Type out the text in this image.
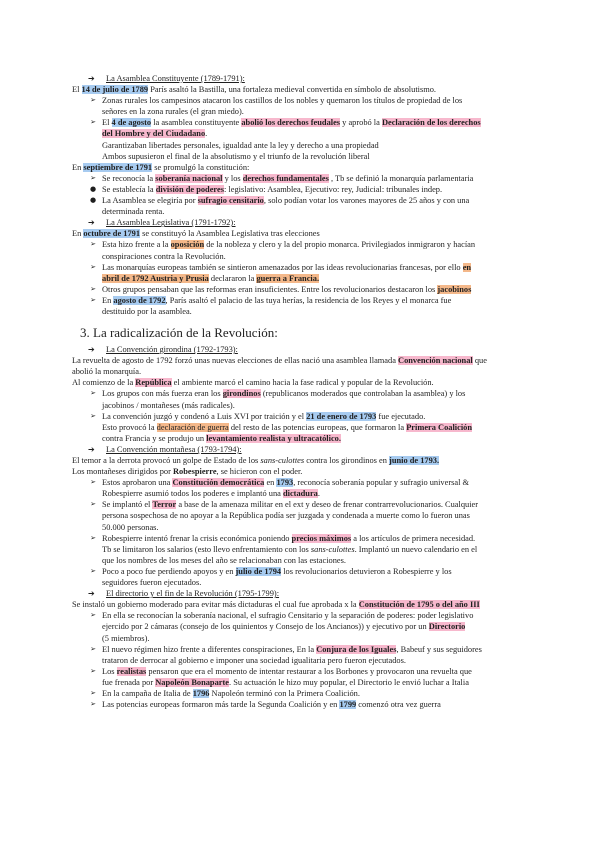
➔ La Asamblea Constituyente (1789-1791):
El 14 de julio de 1789 París asaltó la Bastilla, una fortaleza medieval convertida en símbolo de absolutismo.
➢ Zonas rurales los campesinos atacaron los castillos de los nobles y quemaron los títulos de propiedad de los
señores en la zona rurales (el gran miedo).
➢ El 4 de agosto la asamblea constituyente abolió los derechos feudales y aprobó la Declaración de los derechos
del Hombre y del Ciudadano.
Garantizaban libertades personales, igualdad ante la ley y derecho a una propiedad
Ambos supusieron el final de la absolutismo y el triunfo de la revolución liberal
En septiembre de 1791 se promulgó la constitución:
➢ Se reconocía la soberanía nacional y los derechos fundamentales , Tb se definió la monarquía parlamentaria
● Se establecía la división de poderes: legislativo: Asamblea, Ejecutivo: rey, Judicial: tribunales indep.
● La Asamblea se elegiría por sufragio censitario, solo podían votar los varones mayores de 25 años y con una
determinada renta.
➔ La Asamblea Legislativa (1791-1792):
En octubre de 1791 se constituyó la Asamblea Legislativa tras elecciones
➢ Esta hizo frente a la oposición de la nobleza y clero y la del propio monarca. Privilegiados inmigraron y hacían
conspiraciones contra la Revolución.
➢ Las monarquías europeas también se sintieron amenazados por las ideas revolucionarias francesas, por ello en
abril de 1792 Austria y Prusia declararon la guerra a Francia.
➢ Otros grupos pensaban que las reformas eran insuficientes. Entre los revolucionarios destacaron los jacobinos
➢ En agosto de 1792, París asaltó el palacio de las tuya herías, la residencia de los Reyes y el monarca fue
destituido por la asamblea.
3. La radicalización de la Revolución:
➔ La Convención girondina (1792-1793):
La revuelta de agosto de 1792 forzó unas nuevas elecciones de ellas nació una asamblea llamada Convención nacional que
abolió la monarquía.
Al comienzo de la República el ambiente marcó el camino hacia la fase radical y popular de la Revolución.
➢ Los grupos con más fuerza eran los girondinos (republicanos moderados que controlaban la asamblea) y los
jacobinos / montañeses (más radicales).
➢ La convención juzgó y condenó a Luis XVI por traición y el 21 de enero de 1793 fue ejecutado.
Esto provocó la declaración de guerra del resto de las potencias europeas, que formaron la Primera Coalición
contra Francia y se produjo un levantamiento realista y ultracatólico.
➔ La Convención montañesa (1793-1794):
El temor a la derrota provocó un golpe de Estado de los sans-culottes contra los girondinos en junio de 1793.
Los montañeses dirigidos por Robespierre, se hicieron con el poder.
➢ Estos aprobaron una Constitución democrática en 1793, reconocía soberanía popular y sufragio universal &
Robespierre asumió todos los poderes e implantó una dictadura.
➢ Se implantó el Terror a base de la amenaza militar en el ext y deseo de frenar contrarrevolucionarios. Cualquier
persona sospechosa de no apoyar a la República podía ser juzgada y condenada a muerte como lo fueron unas
50.000 personas.
➢ Robespierre intentó frenar la crisis económica poniendo precios máximos a los artículos de primera necesidad.
Tb se limitaron los salarios (esto llevo enfrentamiento con los sans-culottes. Implantó un nuevo calendario en el
que los nombres de los meses del año se relacionaban con las estaciones.
➢ Poco a poco fue perdiendo apoyos y en julio de 1794 los revolucionarios detuvieron a Robespierre y los
seguidores fueron ejecutados.
➔ El directorio y el fin de la Revolución (1795-1799):
Se instaló un gobierno moderado para evitar más dictaduras el cual fue aprobada x la Constitución de 1795 o del año III
➢ En ella se reconocían la soberanía nacional, el sufragio Censitario y la separación de poderes: poder legislativo
ejercido por 2 cámaras (consejo de los quinientos y Consejo de los Ancianos)) y ejecutivo por un Directorio
(5 miembros).
➢ El nuevo régimen hizo frente a diferentes conspiraciones, En la Conjura de los Iguales, Babeuf y sus seguidores
trataron de derrocar al gobierno e imponer una sociedad igualitaria pero fueron ejecutados.
➢ Los realistas pensaron que era el momento de intentar restaurar a los Borbones y provocaron una revuelta que
fue frenada por Napoleón Bonaparte. Su actuación le hizo muy popular, el Directorio le envió luchar a Italia
➢ En la campaña de Italia de 1796 Napoleón terminó con la Primera Coalición.
➢ Las potencias europeas formaron más tarde la Segunda Coalición y en 1799 comenzó otra vez guerra
